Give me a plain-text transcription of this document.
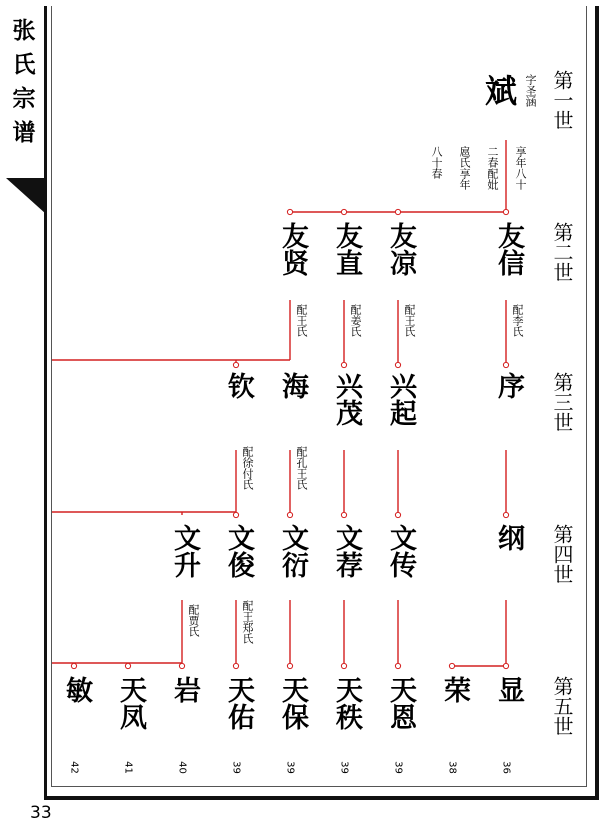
张
氏
宗
谱
33
第一世
第二世
第三世
第四世
第五世
斌 字圣涵
享年八十
二春配妣
扈氏享年
八十春
友信
配李氏
友凉
配王氏
友直
配姜氏
友贤
配王氏
序
兴起
兴茂
海
配孔王氏
钦
配徐付氏
纲
文传
文荐
文衍
文俊
配王郑氏
文升
配贾氏
显
荣
天恩
天秩
天保
天佑
岩
天凤
敏
36
38
39
39
39
39
40
41
42
